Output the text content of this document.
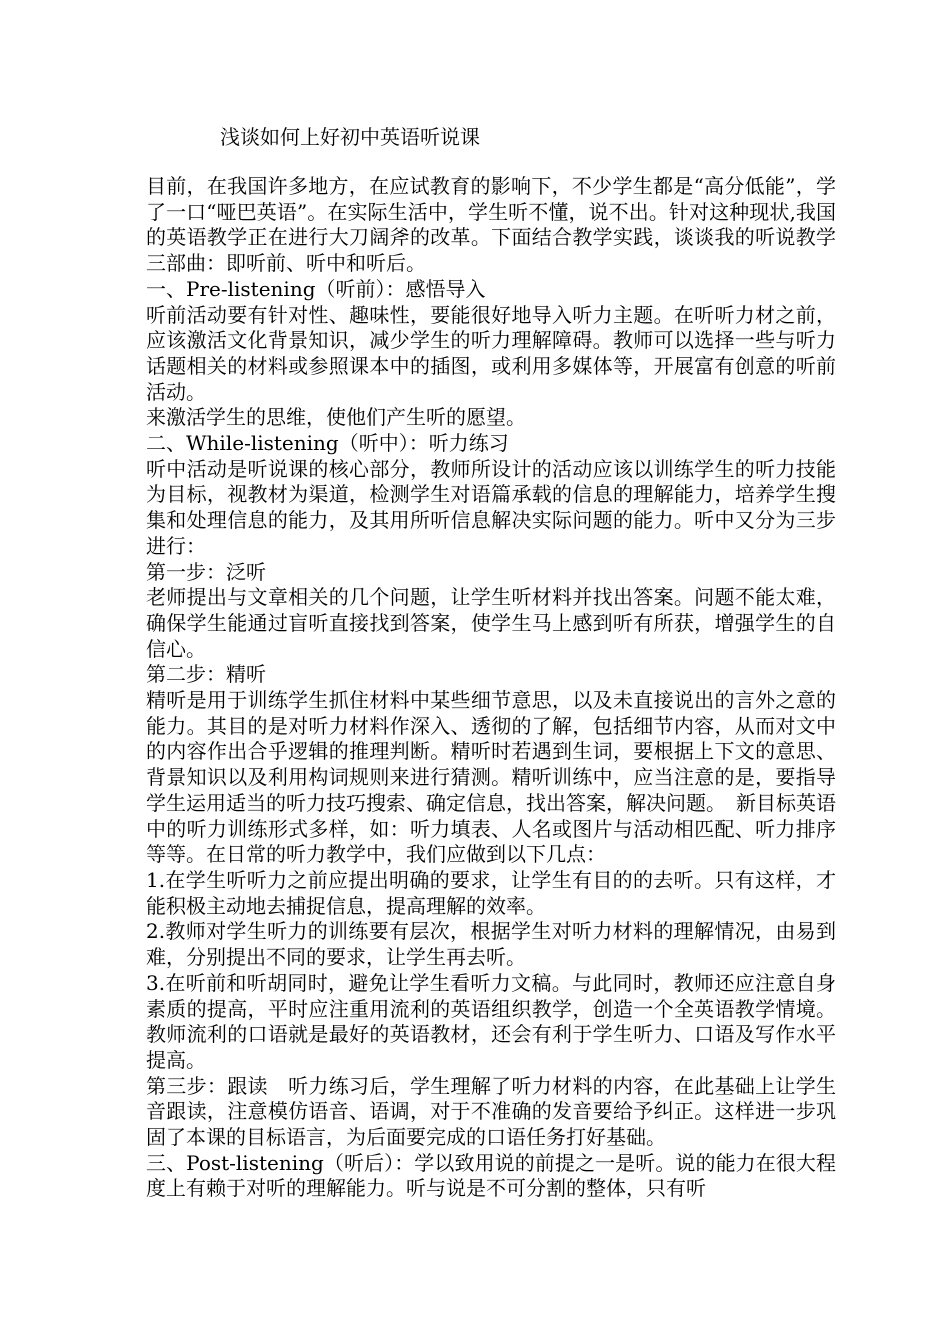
浅谈如何上好初中英语听说课

目前，在我国许多地方，在应试教育的影响下，不少学生都是“高分低能”，学了一口“哑巴英语”。在实际生活中，学生听不懂，说不出。针对这种现状,我国的英语教学正在进行大刀阔斧的改革。下面结合教学实践，谈谈我的听说教学三部曲：即听前、听中和听后。

一、Pre-listening（听前）：感悟导入

听前活动要有针对性、趣味性，要能很好地导入听力主题。在听听力材之前，应该激活文化背景知识，减少学生的听力理解障碍。教师可以选择一些与听力话题相关的材料或参照课本中的插图，或利用多媒体等，开展富有创意的听前活动。

来激活学生的思维，使他们产生听的愿望。

二、While-listening（听中）：听力练习

听中活动是听说课的核心部分，教师所设计的活动应该以训练学生的听力技能为目标，视教材为渠道，检测学生对语篇承载的信息的理解能力，培养学生搜集和处理信息的能力，及其用所听信息解决实际问题的能力。听中又分为三步进行：

第一步：泛听

老师提出与文章相关的几个问题，让学生听材料并找出答案。问题不能太难，确保学生能通过盲听直接找到答案，使学生马上感到听有所获，增强学生的自信心。

第二步：精听

精听是用于训练学生抓住材料中某些细节意思，以及未直接说出的言外之意的能力。其目的是对听力材料作深入、透彻的了解，包括细节内容，从而对文中的内容作出合乎逻辑的推理判断。精听时若遇到生词，要根据上下文的意思、背景知识以及利用构词规则来进行猜测。精听训练中，应当注意的是，要指导学生运用适当的听力技巧搜索、确定信息，找出答案，解决问题。　新目标英语中的听力训练形式多样，如：听力填表、人名或图片与活动相匹配、听力排序等等。在日常的听力教学中，我们应做到以下几点：

1.在学生听听力之前应提出明确的要求，让学生有目的的去听。只有这样，才能积极主动地去捕捉信息，提高理解的效率。

2.教师对学生听力的训练要有层次，根据学生对听力材料的理解情况，由易到难，分别提出不同的要求，让学生再去听。

3.在听前和听胡同时，避免让学生看听力文稿。与此同时，教师还应注意自身素质的提高，平时应注重用流利的英语组织教学，创造一个全英语教学情境。教师流利的口语就是最好的英语教材，还会有利于学生听力、口语及写作水平提高。

第三步：跟读　听力练习后，学生理解了听力材料的内容，在此基础上让学生音跟读，注意模仿语音、语调，对于不准确的发音要给予纠正。这样进一步巩固了本课的目标语言，为后面要完成的口语任务打好基础。

三、Post-listening（听后）：学以致用说的前提之一是听。说的能力在很大程度上有赖于对听的理解能力。听与说是不可分割的整体，只有听
